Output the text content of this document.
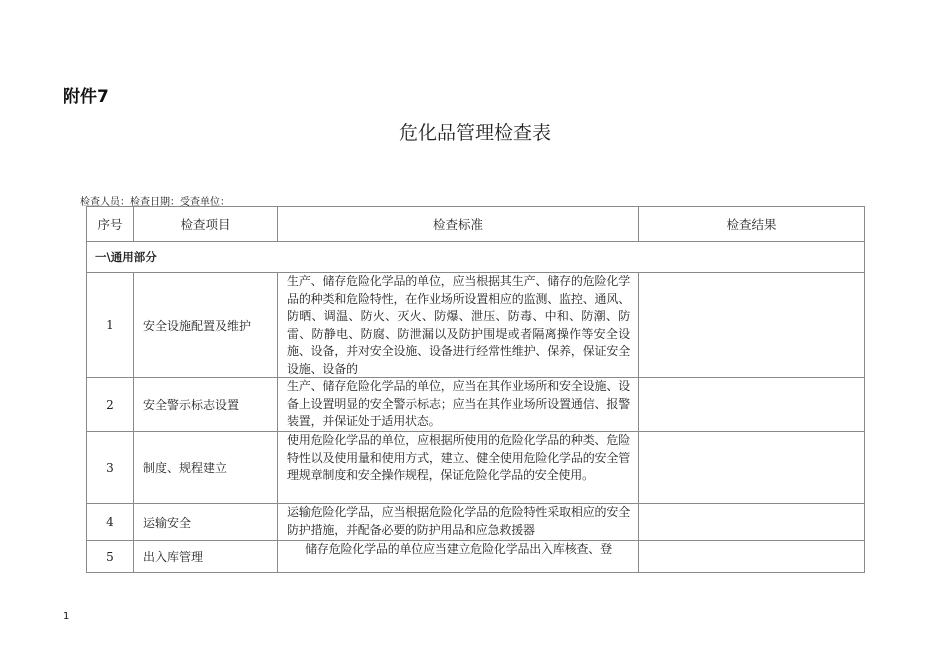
附件7
危化品管理检查表
检查人员：检查日期：受查单位：
序号	检查项目	检查标准	检查结果
一\通用部分			
1	安全设施配置及维护	生产、储存危险化学品的单位，应当根据其生产、储存的危险化学品的种类和危险特性，在作业场所设置相应的监测、监控、通风、防晒、调温、防火、灭火、防爆、泄压、防毒、中和、防潮、防雷、防静电、防腐、防泄漏以及防护围堤或者隔离操作等安全设施、设备，并对安全设施、设备进行经常性维护、保养，保证安全设施、设备的	

2	安全警示标志设置	生产、储存危险化学品的单位，应当在其作业场所和安全设施、设备上设置明显的安全警示标志；应当在其作业场所设置通信、报警装置，并保证处于适用状态。	

3	制度、规程建立	使用危险化学品的单位，应根据所使用的危险化学品的种类、危险特性以及使用量和使用方式，建立、健全使用危险化学品的安全管理规章制度和安全操作规程，保证危险化学品的安全使用。	

4	运输安全	运输危险化学品，应当根据危险化学品的危险特性采取相应的安全防护措施，并配备必要的防护用品和应急救援器	

5	出入库管理	储存危险化学品的单位应当建立危险化学品出入库核查、登	

1
